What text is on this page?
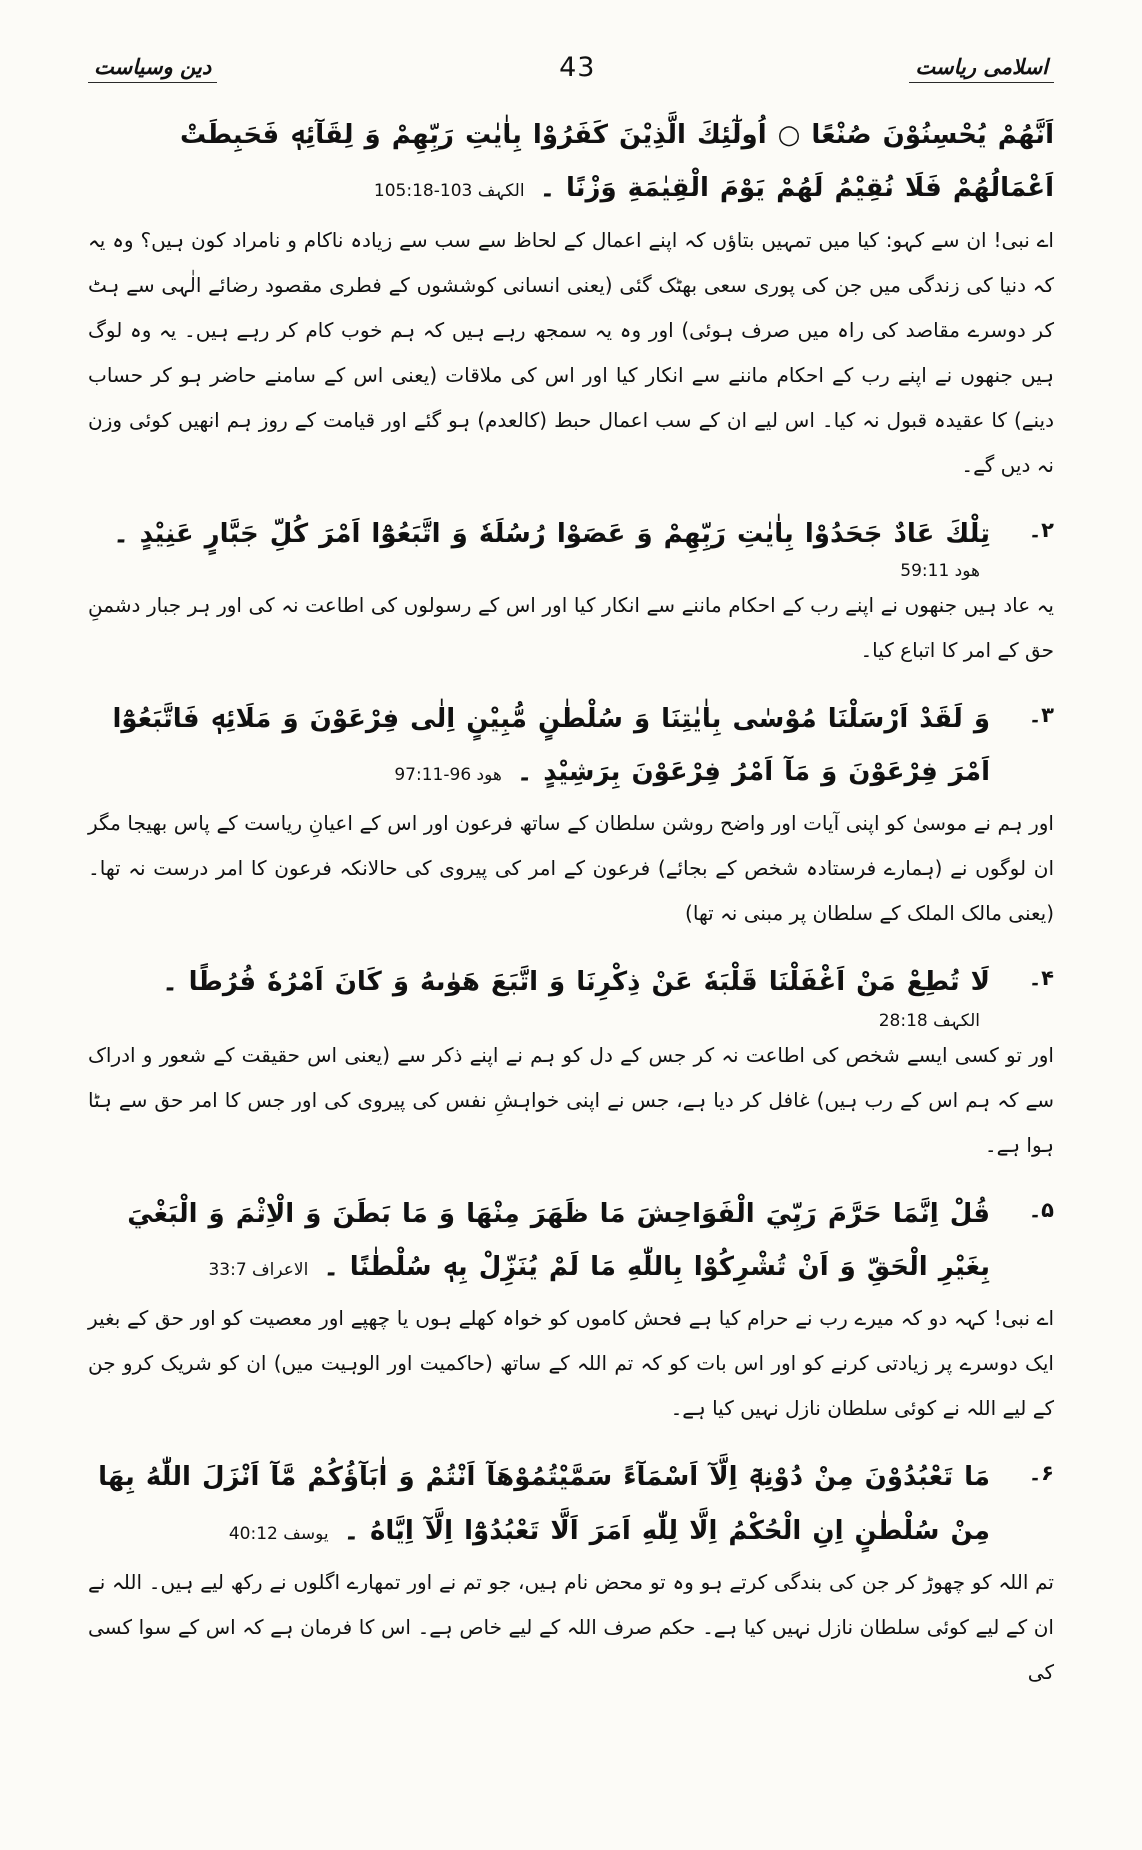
اسلامی ریاست
43
دین وسیاست
اَنَّهُمْ يُحْسِنُوْنَ صُنْعًا ○ اُولٰٓئِكَ الَّذِيْنَ كَفَرُوْا بِاٰيٰتِ رَبِّهِمْ وَ لِقَآئِهٖ فَحَبِطَتْ اَعْمَالُهُمْ فَلَا نُقِيْمُ لَهُمْ يَوْمَ الْقِيٰمَةِ وَزْنًا ۔ الکہف 103-105:18

اے نبی! ان سے کہو: کیا میں تمہیں بتاؤں کہ اپنے اعمال کے لحاظ سے سب سے زیادہ ناکام و نامراد کون ہیں؟ وہ یہ کہ دنیا کی زندگی میں جن کی پوری سعی بھٹک گئی (یعنی انسانی کوششوں کے فطری مقصود رضائے الٰہی سے ہٹ کر دوسرے مقاصد کی راہ میں صرف ہوئی) اور وہ یہ سمجھ رہے ہیں کہ ہم خوب کام کر رہے ہیں۔ یہ وہ لوگ ہیں جنھوں نے اپنے رب کے احکام ماننے سے انکار کیا اور اس کی ملاقات (یعنی اس کے سامنے حاضر ہو کر حساب دینے) کا عقیدہ قبول نہ کیا۔ اس لیے ان کے سب اعمال حبط (کالعدم) ہو گئے اور قیامت کے روز ہم انھیں کوئی وزن نہ دیں گے۔

۲۔
تِلْكَ عَادٌ جَحَدُوْا بِاٰيٰتِ رَبِّهِمْ وَ عَصَوْا رُسُلَهٗ وَ اتَّبَعُوْٓا اَمْرَ كُلِّ جَبَّارٍ عَنِيْدٍ ۔ ھود 59:11

یہ عاد ہیں جنھوں نے اپنے رب کے احکام ماننے سے انکار کیا اور اس کے رسولوں کی اطاعت نہ کی اور ہر جبار دشمنِ حق کے امر کا اتباع کیا۔

۳۔
وَ لَقَدْ اَرْسَلْنَا مُوْسٰى بِاٰيٰتِنَا وَ سُلْطٰنٍ مُّبِيْنٍ اِلٰى فِرْعَوْنَ وَ مَلَائِهٖ فَاتَّبَعُوْٓا اَمْرَ فِرْعَوْنَ وَ مَآ اَمْرُ فِرْعَوْنَ بِرَشِيْدٍ ۔ ھود 96-97:11

اور ہم نے موسیٰ کو اپنی آیات اور واضح روشن سلطان کے ساتھ فرعون اور اس کے اعیانِ ریاست کے پاس بھیجا مگر ان لوگوں نے (ہمارے فرستادہ شخص کے بجائے) فرعون کے امر کی پیروی کی حالانکہ فرعون کا امر درست نہ تھا۔ (یعنی مالک الملک کے سلطان پر مبنی نہ تھا)

۴۔
لَا تُطِعْ مَنْ اَغْفَلْنَا قَلْبَهٗ عَنْ ذِكْرِنَا وَ اتَّبَعَ هَوٰىهُ وَ كَانَ اَمْرُهٗ فُرُطًا ۔ الکہف 28:18

اور تو کسی ایسے شخص کی اطاعت نہ کر جس کے دل کو ہم نے اپنے ذکر سے (یعنی اس حقیقت کے شعور و ادراک سے کہ ہم اس کے رب ہیں) غافل کر دیا ہے، جس نے اپنی خواہشِ نفس کی پیروی کی اور جس کا امر حق سے ہٹا ہوا ہے۔

۵۔
قُلْ اِنَّمَا حَرَّمَ رَبِّيَ الْفَوَاحِشَ مَا ظَهَرَ مِنْهَا وَ مَا بَطَنَ وَ الْاِثْمَ وَ الْبَغْيَ بِغَيْرِ الْحَقِّ وَ اَنْ تُشْرِكُوْا بِاللّٰهِ مَا لَمْ يُنَزِّلْ بِهٖ سُلْطٰنًا ۔ الاعراف 33:7

اے نبی! کہہ دو کہ میرے رب نے حرام کیا ہے فحش کاموں کو خواہ کھلے ہوں یا چھپے اور معصیت کو اور حق کے بغیر ایک دوسرے پر زیادتی کرنے کو اور اس بات کو کہ تم اللہ کے ساتھ (حاکمیت اور الوہیت میں) ان کو شریک کرو جن کے لیے اللہ نے کوئی سلطان نازل نہیں کیا ہے۔

۶۔
مَا تَعْبُدُوْنَ مِنْ دُوْنِهٖٓ اِلَّآ اَسْمَآءً سَمَّيْتُمُوْهَآ اَنْتُمْ وَ اٰبَآؤُكُمْ مَّآ اَنْزَلَ اللّٰهُ بِهَا مِنْ سُلْطٰنٍ اِنِ الْحُكْمُ اِلَّا لِلّٰهِ اَمَرَ اَلَّا تَعْبُدُوْٓا اِلَّآ اِيَّاهُ ۔ یوسف 40:12

تم اللہ کو چھوڑ کر جن کی بندگی کرتے ہو وہ تو محض نام ہیں، جو تم نے اور تمھارے اگلوں نے رکھ لیے ہیں۔ اللہ نے ان کے لیے کوئی سلطان نازل نہیں کیا ہے۔ حکم صرف اللہ کے لیے خاص ہے۔ اس کا فرمان ہے کہ اس کے سوا کسی کی
